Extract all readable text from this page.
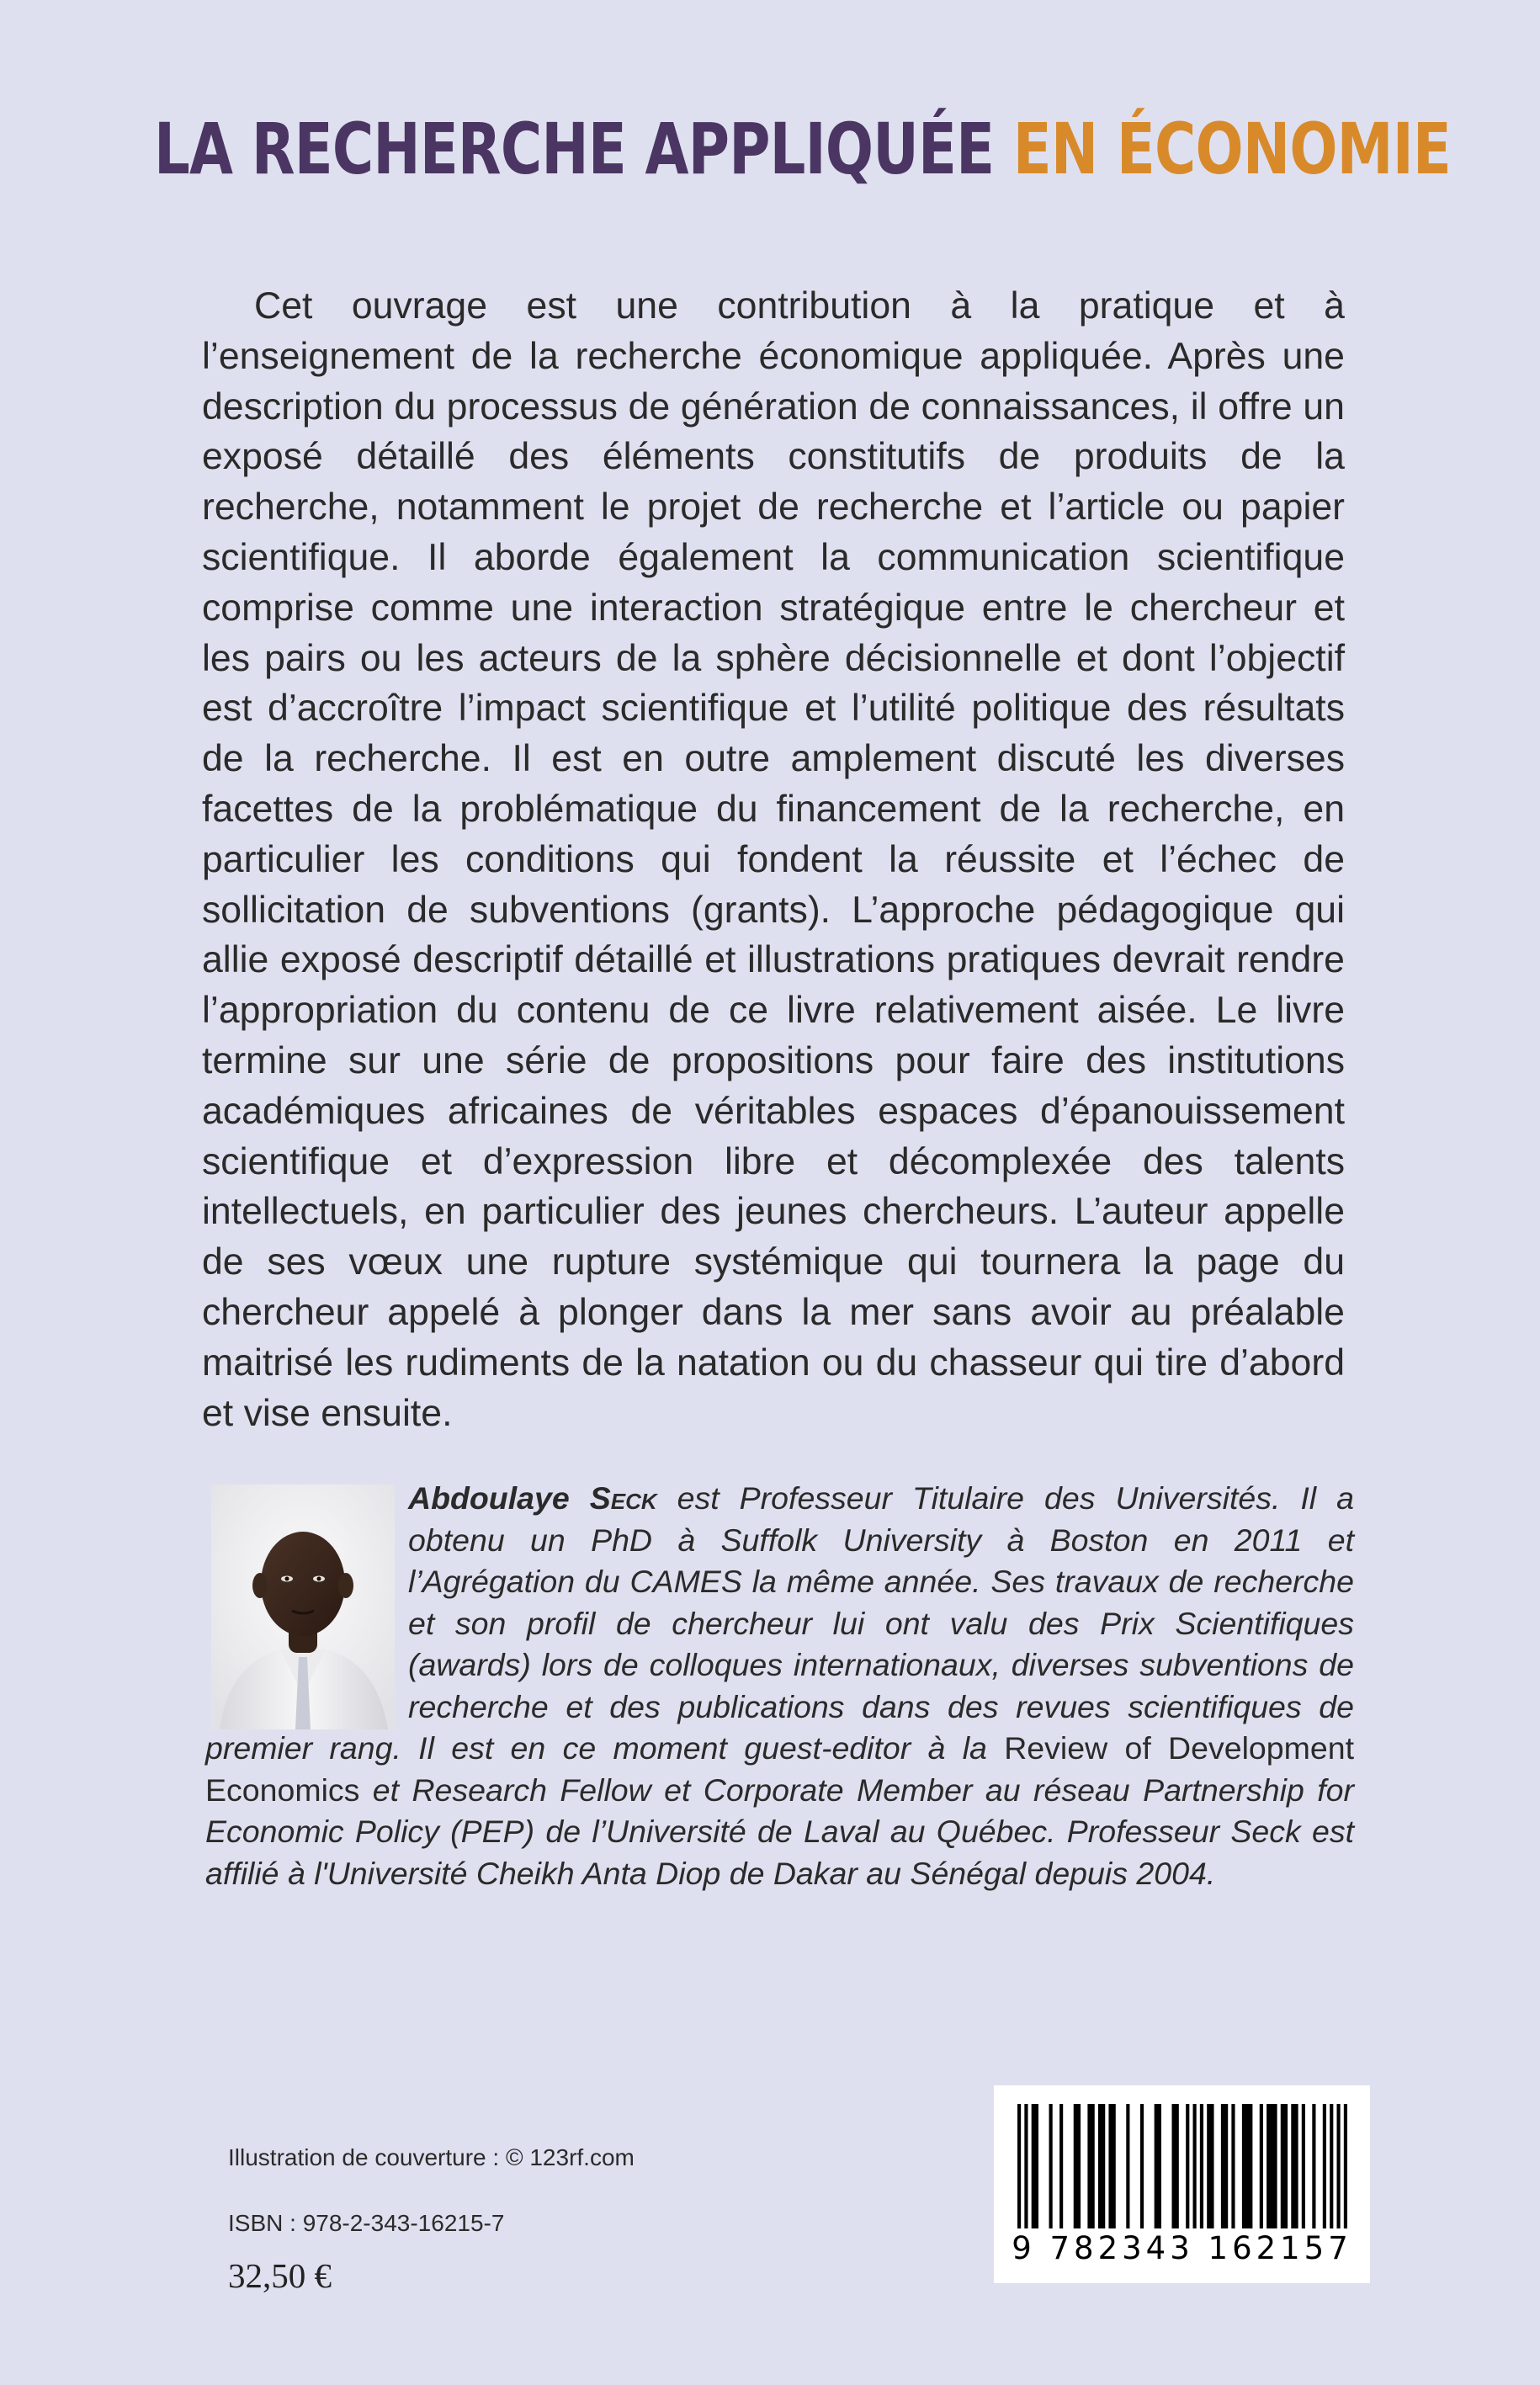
LA RECHERCHE APPLIQUÉE EN ÉCONOMIE

Cet ouvrage est une contribution à la pratique et à l’enseignement de la recherche économique appliquée. Après une description du processus de génération de connaissances, il offre un exposé détaillé des éléments constitutifs de produits de la recherche, notamment le projet de recherche et l’article ou papier scientifique. Il aborde également la communication scientifique comprise comme une interaction stratégique entre le chercheur et les pairs ou les acteurs de la sphère décisionnelle et dont l’objectif est d’accroître l’impact scientifique et l’utilité politique des résultats de la recherche. Il est en outre amplement discuté les diverses facettes de la problématique du financement de la recherche, en particulier les conditions qui fondent la réussite et l’échec de sollicitation de subventions (grants). L’approche pédagogique qui allie exposé descriptif détaillé et illustrations pratiques devrait rendre l’appropriation du contenu de ce livre relativement aisée. Le livre termine sur une série de propositions pour faire des institutions académiques africaines de véritables espaces d’épanouissement scientifique et d’expression libre et décomplexée des talents intellectuels, en particulier des jeunes chercheurs. L’auteur appelle de ses vœux une rupture systémique qui tournera la page du chercheur appelé à plonger dans la mer sans avoir au préalable maitrisé les rudiments de la natation ou du chasseur qui tire d’abord et vise ensuite.

Abdoulaye Seck est Professeur Titulaire des Universités. Il a obtenu un PhD à Suffolk University à Boston en 2011 et l’Agrégation du CAMES la même année. Ses travaux de recherche et son profil de chercheur lui ont valu des Prix Scientifiques (awards) lors de colloques internationaux, diverses subventions de recherche et des publications dans des revues scientifiques de premier rang. Il est en ce moment guest-editor à la Review of Development Economics et Research Fellow et Corporate Member au réseau Partnership for Economic Policy (PEP) de l’Université de Laval au Québec. Professeur Seck est affilié à l'Université Cheikh Anta Diop de Dakar au Sénégal depuis 2004.

Illustration de couverture : © 123rf.com
ISBN : 978-2-343-16215-7
32,50 €
9 782343 162157
